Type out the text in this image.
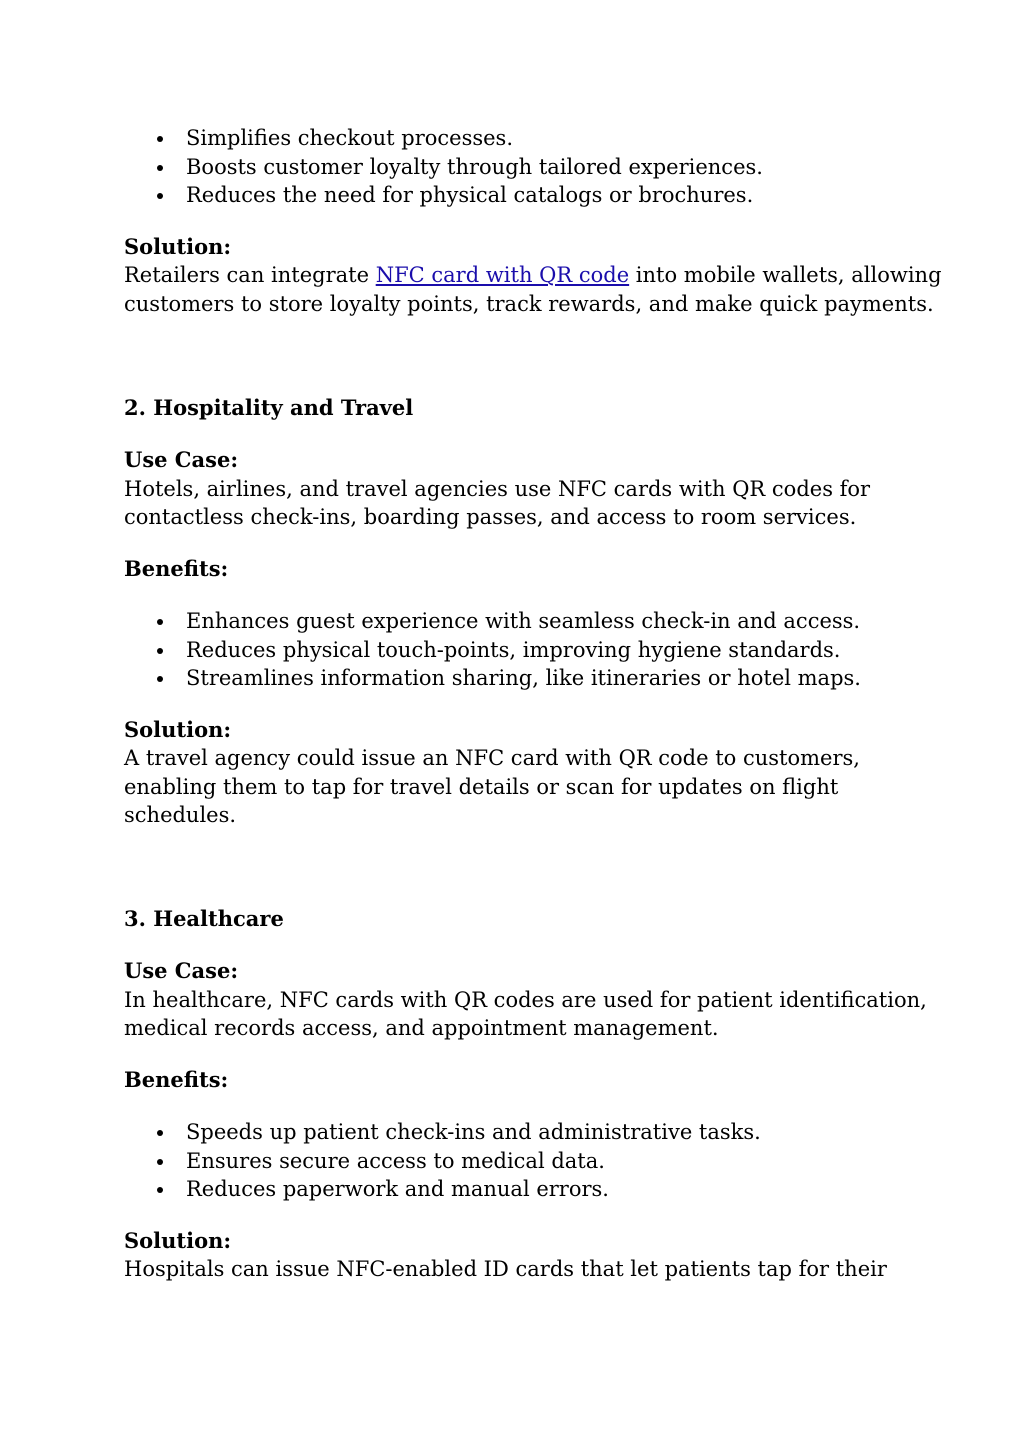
Simplifies checkout processes.
Boosts customer loyalty through tailored experiences.
Reduces the need for physical catalogs or brochures.
Solution:
Retailers can integrate NFC card with QR code into mobile wallets, allowing
customers to store loyalty points, track rewards, and make quick payments.
2. Hospitality and Travel
Use Case:
Hotels, airlines, and travel agencies use NFC cards with QR codes for
contactless check-ins, boarding passes, and access to room services.
Benefits:
Enhances guest experience with seamless check-in and access.
Reduces physical touch-points, improving hygiene standards.
Streamlines information sharing, like itineraries or hotel maps.
Solution:
A travel agency could issue an NFC card with QR code to customers,
enabling them to tap for travel details or scan for updates on flight
schedules.
3. Healthcare
Use Case:
In healthcare, NFC cards with QR codes are used for patient identification,
medical records access, and appointment management.
Benefits:
Speeds up patient check-ins and administrative tasks.
Ensures secure access to medical data.
Reduces paperwork and manual errors.
Solution:
Hospitals can issue NFC-enabled ID cards that let patients tap for their
